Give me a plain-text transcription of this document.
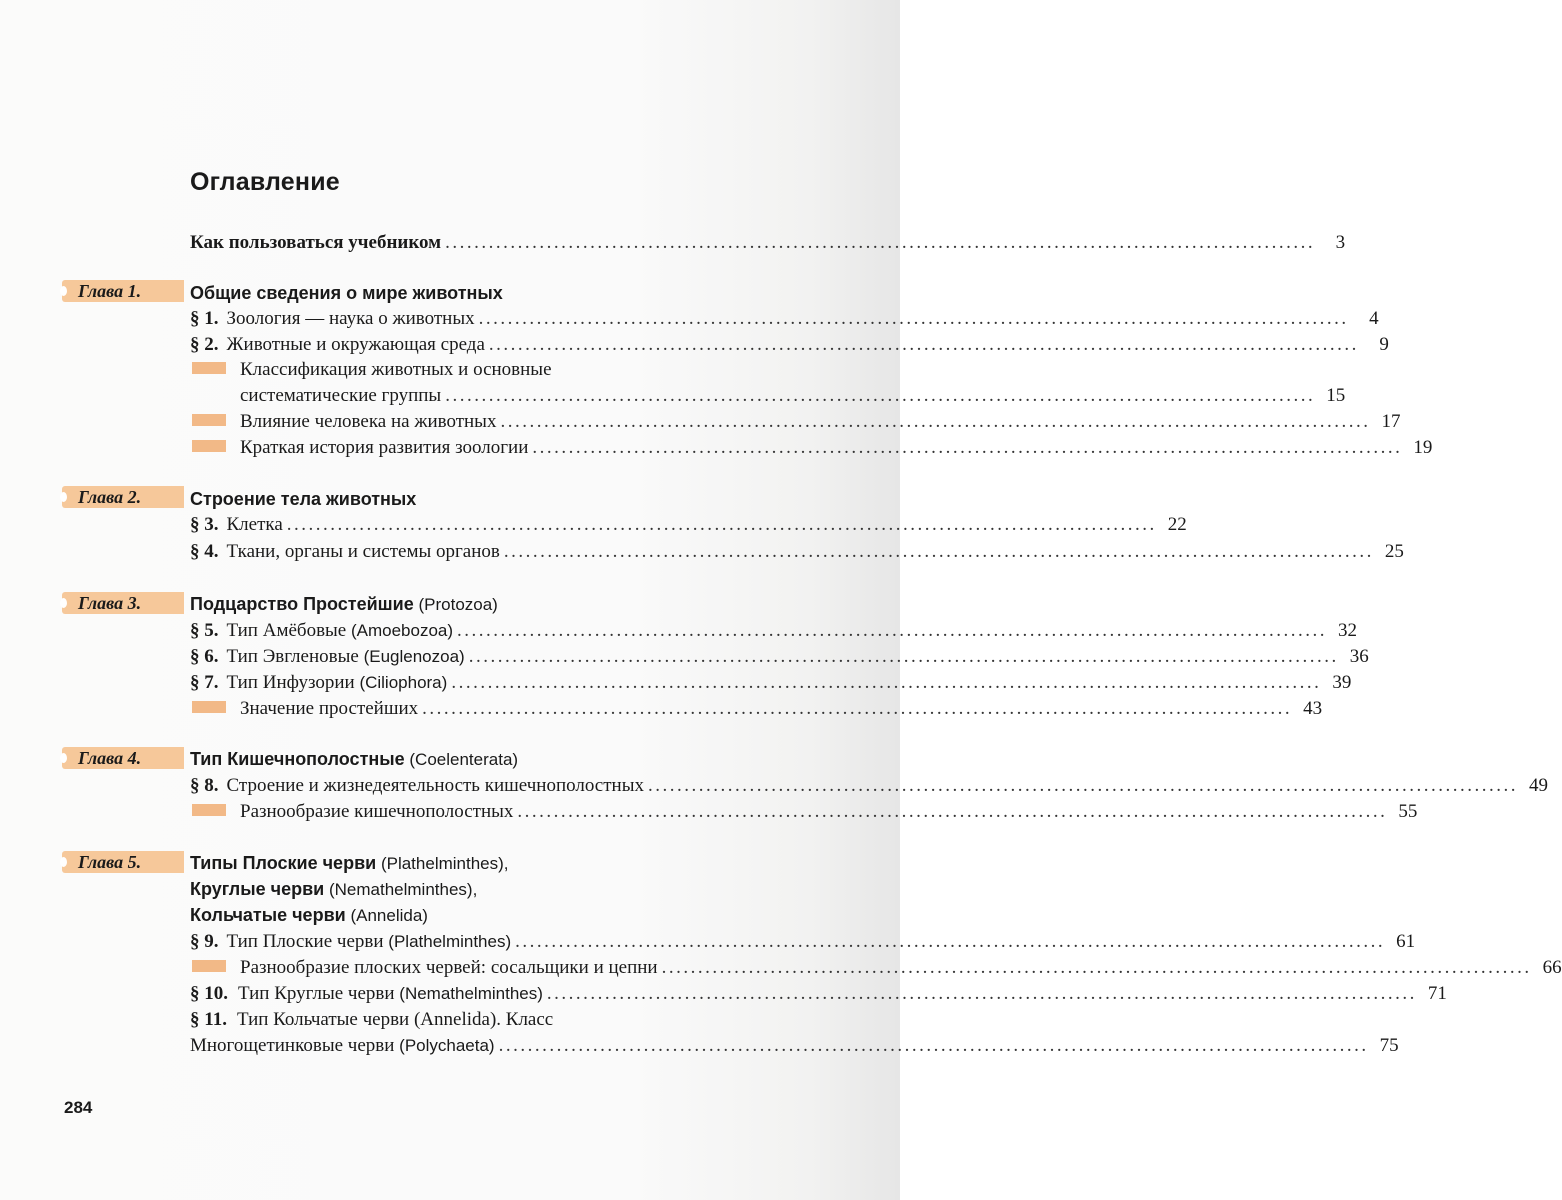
Оглавление
Как пользоваться учебником ........................................................................................................................	3
Глава 1.	Общие сведения о мире животных
§ 1. Зоология — наука о животных ........................................................................................................................	4
§ 2. Животные и окружающая среда ........................................................................................................................	9
Классификация животных и основные
систематические группы ........................................................................................................................ 15
Влияние человека на животных ........................................................................................................................ 17
Краткая история развития зоологии ........................................................................................................................ 19
Глава 2.	Строение тела животных
§ 3. Клетка ........................................................................................................................ 22
§ 4. Ткани, органы и системы органов ........................................................................................................................ 25
Глава 3.	Подцарство Простейшие (Protozoa)
§ 5. Тип Амёбовые (Amoebozoa) ........................................................................................................................ 32
§ 6. Тип Эвгленовые (Euglenozoa) ........................................................................................................................ 36
§ 7. Тип Инфузории (Ciliophora) ........................................................................................................................ 39
Значение простейших ........................................................................................................................ 43
Глава 4.	Тип Кишечнополостные (Coelenterata)
§ 8. Строение и жизнедеятельность кишечнополостных ........................................................................................................................ 49
Разнообразие кишечнополостных ........................................................................................................................ 55
Глава 5.	Типы Плоские черви (Plathelminthes),
Круглые черви (Nemathelminthes),
Кольчатые черви (Annelida)
§ 9. Тип Плоские черви (Plathelminthes) ........................................................................................................................ 61
Разнообразие плоских червей: сосальщики и цепни ........................................................................................................................ 66
§ 10. Тип Круглые черви (Nemathelminthes) ........................................................................................................................ 71
§ 11. Тип Кольчатые черви (Annelida). Класс
Многощетинковые черви (Polychaeta) ........................................................................................................................ 75
284
